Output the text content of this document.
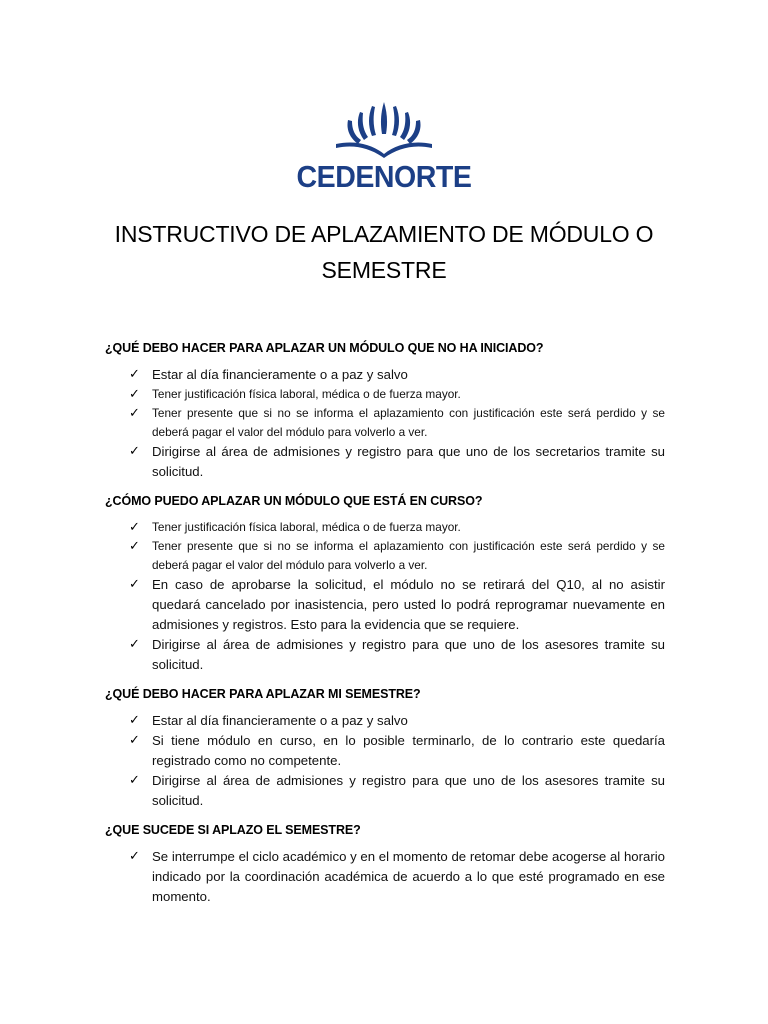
CEDENORTE
INSTRUCTIVO DE APLAZAMIENTO DE MÓDULO O SEMESTRE
¿QUÉ DEBO HACER PARA APLAZAR UN MÓDULO QUE NO HA INICIADO?
✓ Estar al día financieramente o a paz y salvo
✓ Tener justificación física laboral, médica o de fuerza mayor.
✓ Tener presente que si no se informa el aplazamiento con justificación este será perdido y se deberá pagar el valor del módulo para volverlo a ver.
✓ Dirigirse al área de admisiones y registro para que uno de los secretarios tramite su solicitud.
¿CÓMO PUEDO APLAZAR UN MÓDULO QUE ESTÁ EN CURSO?
✓ Tener justificación física laboral, médica o de fuerza mayor.
✓ Tener presente que si no se informa el aplazamiento con justificación este será perdido y se deberá pagar el valor del módulo para volverlo a ver.
✓ En caso de aprobarse la solicitud, el módulo no se retirará del Q10, al no asistir quedará cancelado por inasistencia, pero usted lo podrá reprogramar nuevamente en admisiones y registros. Esto para la evidencia que se requiere.
✓ Dirigirse al área de admisiones y registro para que uno de los asesores tramite su solicitud.
¿QUÉ DEBO HACER PARA APLAZAR MI SEMESTRE?
✓ Estar al día financieramente o a paz y salvo
✓ Si tiene módulo en curso, en lo posible terminarlo, de lo contrario este quedaría registrado como no competente.
✓ Dirigirse al área de admisiones y registro para que uno de los asesores tramite su solicitud.
¿QUE SUCEDE SI APLAZO EL SEMESTRE?
✓ Se interrumpe el ciclo académico y en el momento de retomar debe acogerse al horario indicado por la coordinación académica de acuerdo a lo que esté programado en ese momento.
